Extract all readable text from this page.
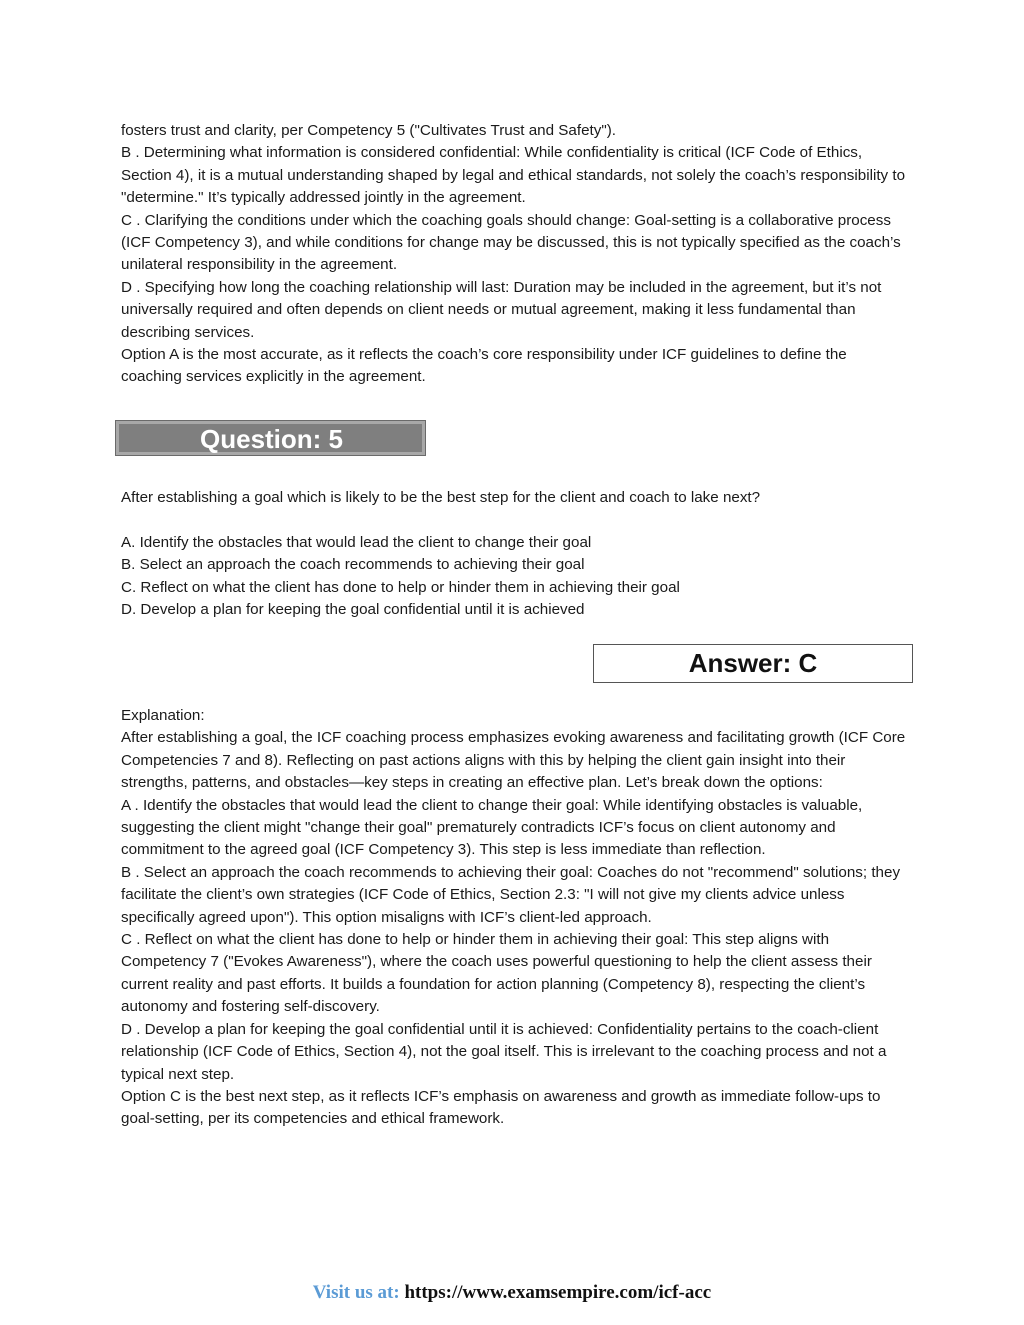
fosters trust and clarity, per Competency 5 ("Cultivates Trust and Safety").

B . Determining what information is considered confidential: While confidentiality is critical (ICF Code of Ethics, Section 4), it is a mutual understanding shaped by legal and ethical standards, not solely the coach’s responsibility to "determine." It’s typically addressed jointly in the agreement.

C . Clarifying the conditions under which the coaching goals should change: Goal-setting is a collaborative process (ICF Competency 3), and while conditions for change may be discussed, this is not typically specified as the coach’s unilateral responsibility in the agreement.

D . Specifying how long the coaching relationship will last: Duration may be included in the agreement, but it’s not universally required and often depends on client needs or mutual agreement, making it less fundamental than describing services.

Option A is the most accurate, as it reflects the coach’s core responsibility under ICF guidelines to define the coaching services explicitly in the agreement.

Question: 5

After establishing a goal which is likely to be the best step for the client and coach to lake next?

A. Identify the obstacles that would lead the client to change their goal

B. Select an approach the coach recommends to achieving their goal

C. Reflect on what the client has done to help or hinder them in achieving their goal

D. Develop a plan for keeping the goal confidential until it is achieved

Answer: C

Explanation:

After establishing a goal, the ICF coaching process emphasizes evoking awareness and facilitating growth (ICF Core Competencies 7 and 8). Reflecting on past actions aligns with this by helping the client gain insight into their strengths, patterns, and obstacles—key steps in creating an effective plan. Let’s break down the options:

A . Identify the obstacles that would lead the client to change their goal: While identifying obstacles is valuable, suggesting the client might "change their goal" prematurely contradicts ICF’s focus on client autonomy and commitment to the agreed goal (ICF Competency 3). This step is less immediate than reflection.

B . Select an approach the coach recommends to achieving their goal: Coaches do not "recommend" solutions; they facilitate the client’s own strategies (ICF Code of Ethics, Section 2.3: "I will not give my clients advice unless specifically agreed upon"). This option misaligns with ICF’s client-led approach.

C . Reflect on what the client has done to help or hinder them in achieving their goal: This step aligns with Competency 7 ("Evokes Awareness"), where the coach uses powerful questioning to help the client assess their current reality and past efforts. It builds a foundation for action planning (Competency 8), respecting the client’s autonomy and fostering self-discovery.

D . Develop a plan for keeping the goal confidential until it is achieved: Confidentiality pertains to the coach-client relationship (ICF Code of Ethics, Section 4), not the goal itself. This is irrelevant to the coaching process and not a typical next step.

Option C is the best next step, as it reflects ICF’s emphasis on awareness and growth as immediate follow-ups to goal-setting, per its competencies and ethical framework.

Visit us at: https://www.examsempire.com/icf-acc
